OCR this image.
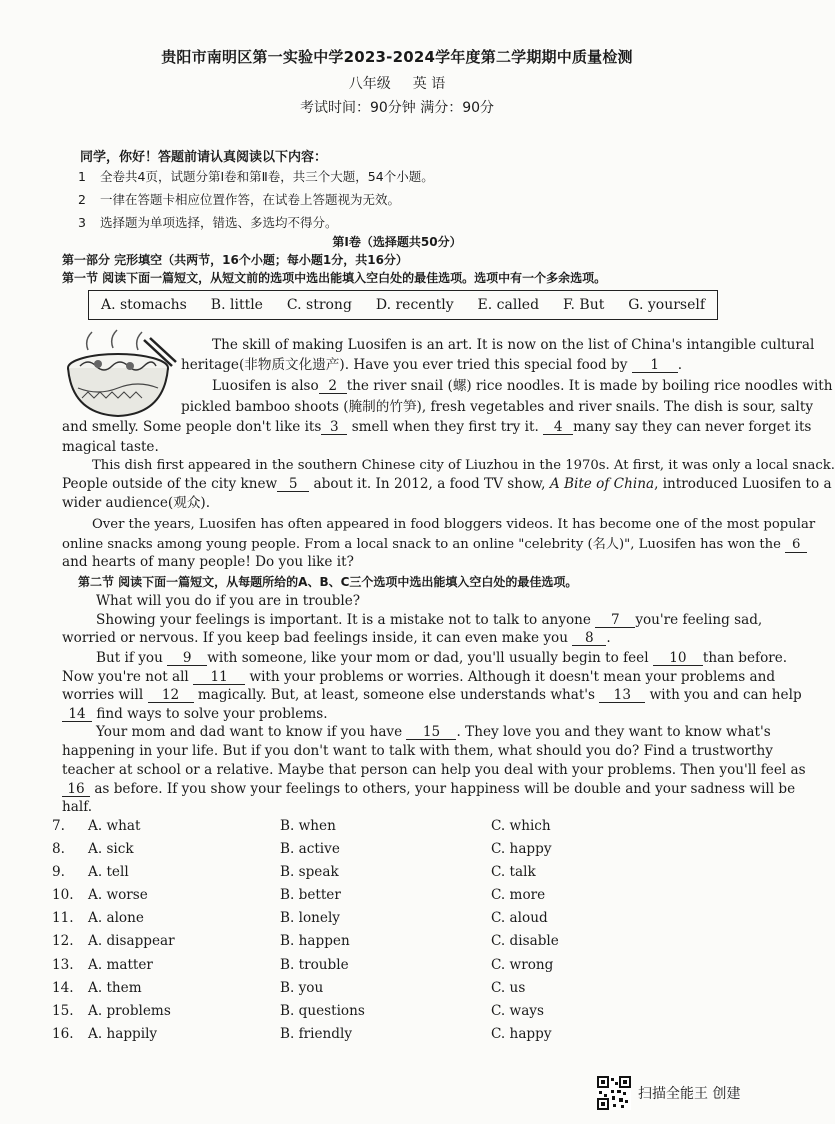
贵阳市南明区第一实验中学2023-2024学年度第二学期期中质量检测
八年级 英 语
考试时间：90分钟 满分：90分
同学，你好！答题前请认真阅读以下内容：
1 全卷共4页，试题分第Ⅰ卷和第Ⅱ卷，共三个大题，54个小题。
2 一律在答题卡相应位置作答，在试卷上答题视为无效。
3 选择题为单项选择，错选、多选均不得分。
第Ⅰ卷（选择题共50分）
第一部分 完形填空（共两节，16个小题；每小题1分，共16分）
第一节 阅读下面一篇短文，从短文前的选项中选出能填入空白处的最佳选项。选项中有一个多余选项。
A. stomachs B. little C. strong D. recently E. called F. But G. yourself
The skill of making Luosifen is an art. It is now on the list of China's intangible cultural
heritage(非物质文化遗产). Have you ever tried this special food by 1 .
Luosifen is also 2 the river snail (螺) rice noodles. It is made by boiling rice noodles with
pickled bamboo shoots (腌制的竹笋), fresh vegetables and river snails. The dish is sour, salty
and smelly. Some people don't like its 3 smell when they first try it. 4 many say they can never forget its
magical taste.
This dish first appeared in the southern Chinese city of Liuzhou in the 1970s. At first, it was only a local snack.
People outside of the city knew 5 about it. In 2012, a food TV show, A Bite of China, introduced Luosifen to a
wider audience(观众).
Over the years, Luosifen has often appeared in food bloggers videos. It has become one of the most popular
online snacks among young people. From a local snack to an online "celebrity (名人)", Luosifen has won the 6
and hearts of many people! Do you like it?
第二节 阅读下面一篇短文，从每题所给的A、B、C三个选项中选出能填入空白处的最佳选项。
What will you do if you are in trouble?
Showing your feelings is important. It is a mistake not to talk to anyone 7 you're feeling sad,
worried or nervous. If you keep bad feelings inside, it can even make you 8 .
But if you 9 with someone, like your mom or dad, you'll usually begin to feel 10 than before.
Now you're not all 11 with your problems or worries. Although it doesn't mean your problems and
worries will 12 magically. But, at least, someone else understands what's 13 with you and can help
14 find ways to solve your problems.
Your mom and dad want to know if you have 15 . They love you and they want to know what's
happening in your life. But if you don't want to talk with them, what should you do? Find a trustworthy
teacher at school or a relative. Maybe that person can help you deal with your problems. Then you'll feel as
16 as before. If you show your feelings to others, your happiness will be double and your sadness will be
half.
7. A. what	B. when	C. which
8. A. sick	B. active	C. happy
9. A. tell	B. speak	C. talk
10. A. worse	B. better	C. more
11. A. alone	B. lonely	C. aloud
12. A. disappear	B. happen	C. disable
13. A. matter	B. trouble	C. wrong
14. A. them	B. you	C. us
15. A. problems	B. questions	C. ways
16. A. happily	B. friendly	C. happy
扫描全能王 创建
